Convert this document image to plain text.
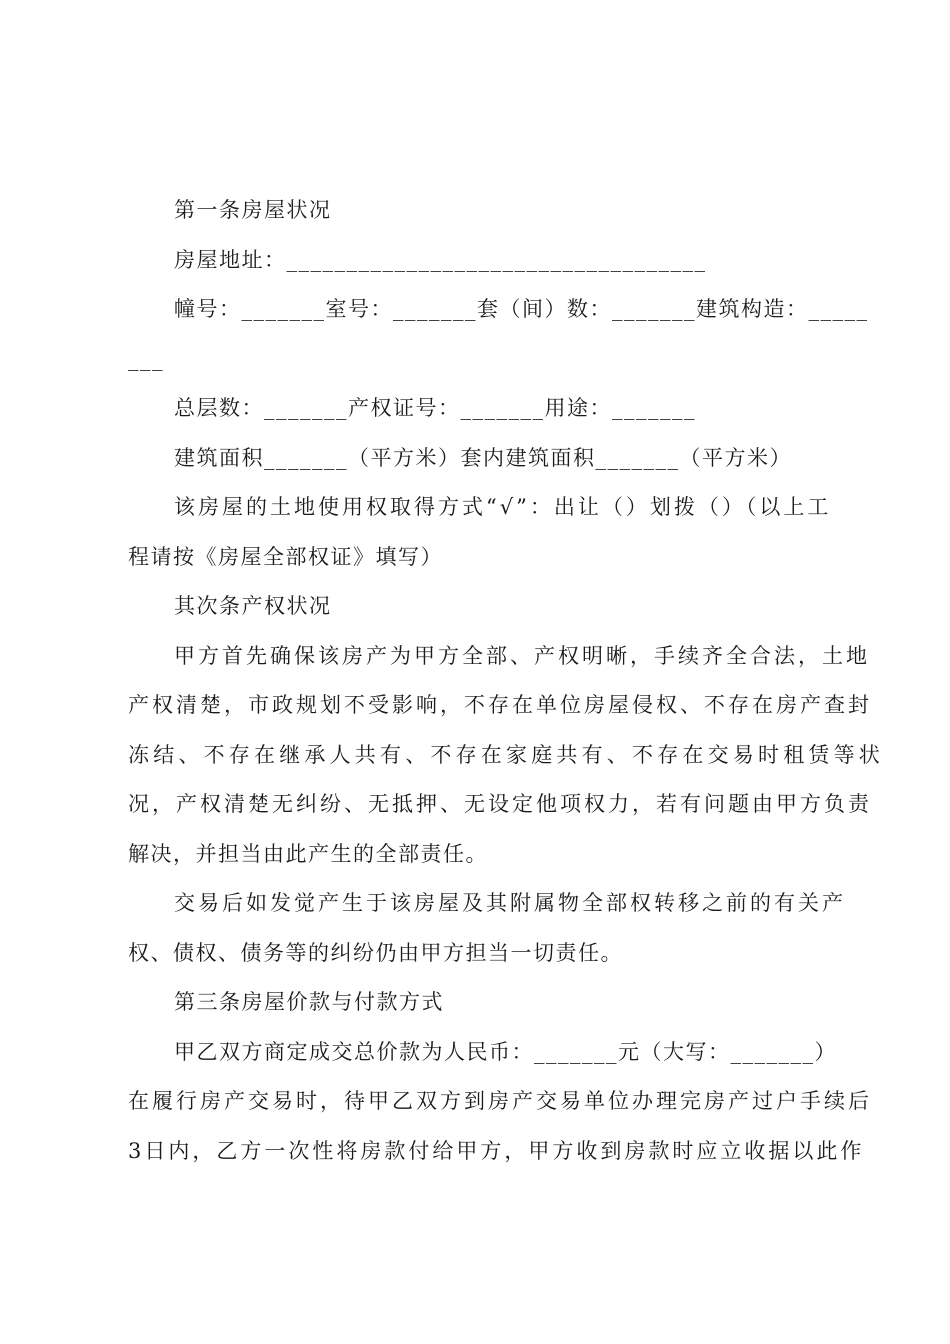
第一条房屋状况
房屋地址：___________________________________
幢号：_______室号：_______套（间）数：_______建筑构造：_____
___
总层数：_______产权证号：_______用途：_______
建筑面积_______（平方米）套内建筑面积_______（平方米）
该房屋的土地使用权取得方式“√”：出让（）划拨（）（以上工
程请按《房屋全部权证》填写）
其次条产权状况
甲方首先确保该房产为甲方全部、产权明晰，手续齐全合法，土地
产权清楚，市政规划不受影响，不存在单位房屋侵权、不存在房产查封
冻结、不存在继承人共有、不存在家庭共有、不存在交易时租赁等状
况，产权清楚无纠纷、无抵押、无设定他项权力，若有问题由甲方负责
解决，并担当由此产生的全部责任。
交易后如发觉产生于该房屋及其附属物全部权转移之前的有关产
权、债权、债务等的纠纷仍由甲方担当一切责任。
第三条房屋价款与付款方式
甲乙双方商定成交总价款为人民币：_______元（大写：_______）
在履行房产交易时，待甲乙双方到房产交易单位办理完房产过户手续后
3日内，乙方一次性将房款付给甲方，甲方收到房款时应立收据以此作
